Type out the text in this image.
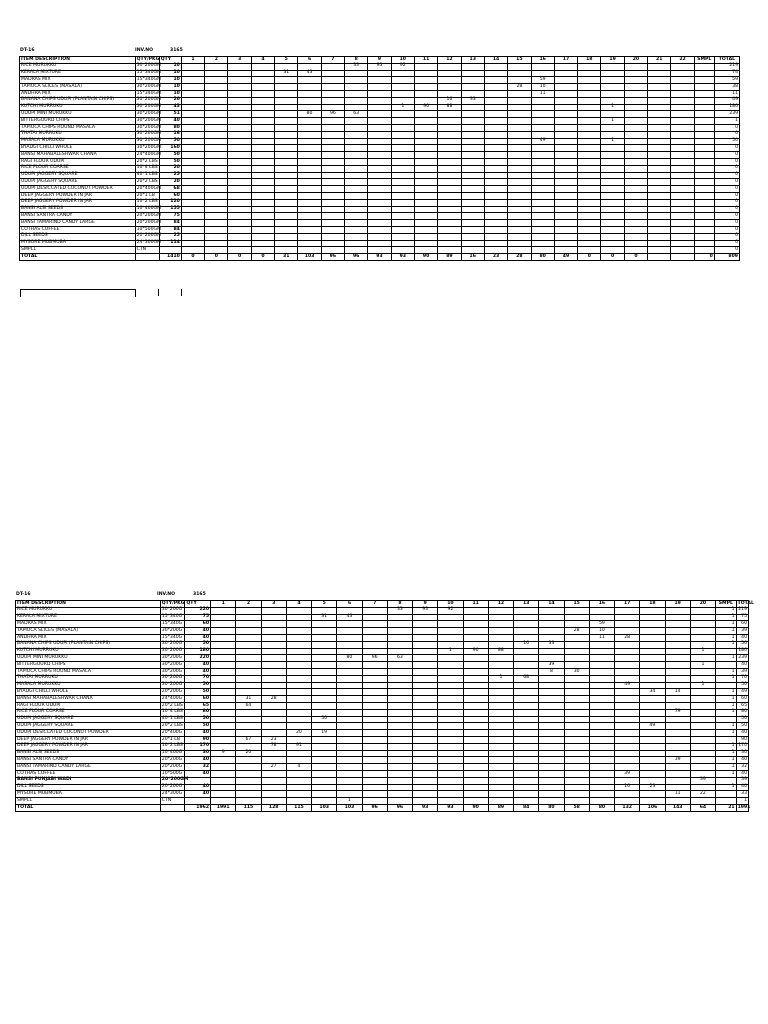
DT-16	INV.NO	3165
ITEM DESCRIPTION	QTY/PKG	QTY	1	2	3	4	5	6	7	8	9	10	11	12	13	14	15	16	17	18	19	20	21	22	SMPL	TOTAL
RICE MURUKKU	30*200GM	10								33	93	92														219
KERALA MIXTURE	15*340GM	10					31	43																		74
MADRAS MIX	15*340GM	10																59								59
TAPIOCA SLICES (MASALA)	30*200GM	10															28	10								38
ANDHRA MIX	15*340GM	10																11								11
BANANA CHIPS UDUPI (PLANTAIN CHIPS)	30*200GM	20												16	33											49
KUTCHI MURRUKU	30*200GM	43										1	90	88							1					180
UDUPI MINI MURUKKU	30*200GM	51						80	96	63																239
BITTERGOURD CHIPS	30*200GM	40																			1					1
TAPIOCA CHIPS ROUND MASALA	30*200GM	80																								0
THATAI MURRUKU	30*200GM	16																								0
MASALA MURUKKU	30*200GM	50																49			1					50
BYADGI CHILLI WHOLE	30*200GM	160																								0
BANSI MAHABALESHWAR CHANA	24*400GM	50																								0
RAGI FLOUR UDUPI	20*2 LBS	50																								0
RICE FLOUR COARSE	10*4 LBS	20																								0
UDUPI JAGGERY SQUARE	40*1 LBS	25																								0
UDUPI JAGGERY SQUARE	20*2 LBS	20																								0
UDUPI DESICCATED COCONUT POWDER	20*400GM	68																								0
DEEP JAGGERY POWDER IN JAR	20*1 LB	60																								0
DEEP JAGGERY POWDER IN JAR	10*2 LBS	120																								0
BANSI ALSI SEEDS	10*400GM	155																								0
BANSI SANTRA CANDY	20*200GM	75																								0
BANSI TAMARIND CANDY LARGE	20*200GM	84																								0
COTHAS COFFEE	10*500GM	84																								0
DILL SEEDS	20*200GM	25																								0
MYSORE MUBMUBA	24*300GM	114																								0
SMPL1	CTN																									0
TOTAL		1410	0	0	0	0	31	103	96	96	93	93	90	89	16	23	28	80	49	0	0	0			0	809
DT-16	INV.NO	3165
ITEM DESCRIPTION	QTY/PKG	QTY	1	2	3	4	5	6	7	8	9	10	11	12	13	14	15	16	17	18	19	20	SMPL	TOTAL
RICE MURUKKU	30*200G	220								33	93	92											1	219
KERALA MIXTURE	15*340G	75					31	43															1	75
MADRAS MIX	15*340G	60																59					1	60
TAPIOCA SLICES (MASALA)	30*200G	40															28	10					1	39
ANDHRA MIX	15*340G	40																11	28				1	40
BANANA CHIPS UDUPI (PLANTAIN CHIPS)	30*200G	50													16	33							1	50
KUTCHI MURRUKU	30*200G	180										1	90	88								1		180
UDUPI MINI MURUKKU	30*200G	220						80	96	63													1	239
BITTERGOURD CHIPS	30*200G	40														39						1		40
TAPIOCA CHIPS ROUND MASALA	30*200G	40														8	30						1	39
THATAI MURRUKU	30*200G	70												1	68								1	70
MASALA MURUKKU	30*200G	50																	49			1		50
BYADGI CHILLI WHOLE	20*200G	50																		34	14		1	49
BANSI MAHABALESHWAR CHANA	24*400G	60		31	28																		1	60
RAGI FLOUR UDUPI	20*2 LBS	65		64																			1	65
RICE FLOUR COARSE	10*4 LBS	80																			79		1	80
UDUPI JAGGERY SQUARE	40*1 LBS	50					50																	50
UDUPI JAGGERY SQUARE	20*2 LBS	50																		49			1	50
UDUPI DESICCATED COCONUT POWDER	20*400G	40				20	19																1	40
DEEP JAGGERY POWDER IN JAR	20*1 LB	90		67	23																			90
DEEP JAGGERY POWDER IN JAR	10*2 LBS	170			78	91																	1	170
BANSI ALSI SEEDS	10*400G	30	9	20																			1	30
BANSI SANTRA CANDY	20*200G	40																			39		1	40
BANSI TAMARIND CANDY LARGE	20*200G	32			27	4																	1	32
COTHAS COFFEE	10*500G	40																	39				1	40
BANSI PUNJABI WADI	20*200GM																					39		39
DILL SEEDS	20*200G	40																	16	23			1	40
MYSORE MUBMUBA	24*300G	40																			11	22		33
SMPL1	CTN							1																1
TOTAL		1962	1991	115	128	115	103	103	96	96	93	93	90	89	84	80	58	80	132	106	143	64	21	1991
